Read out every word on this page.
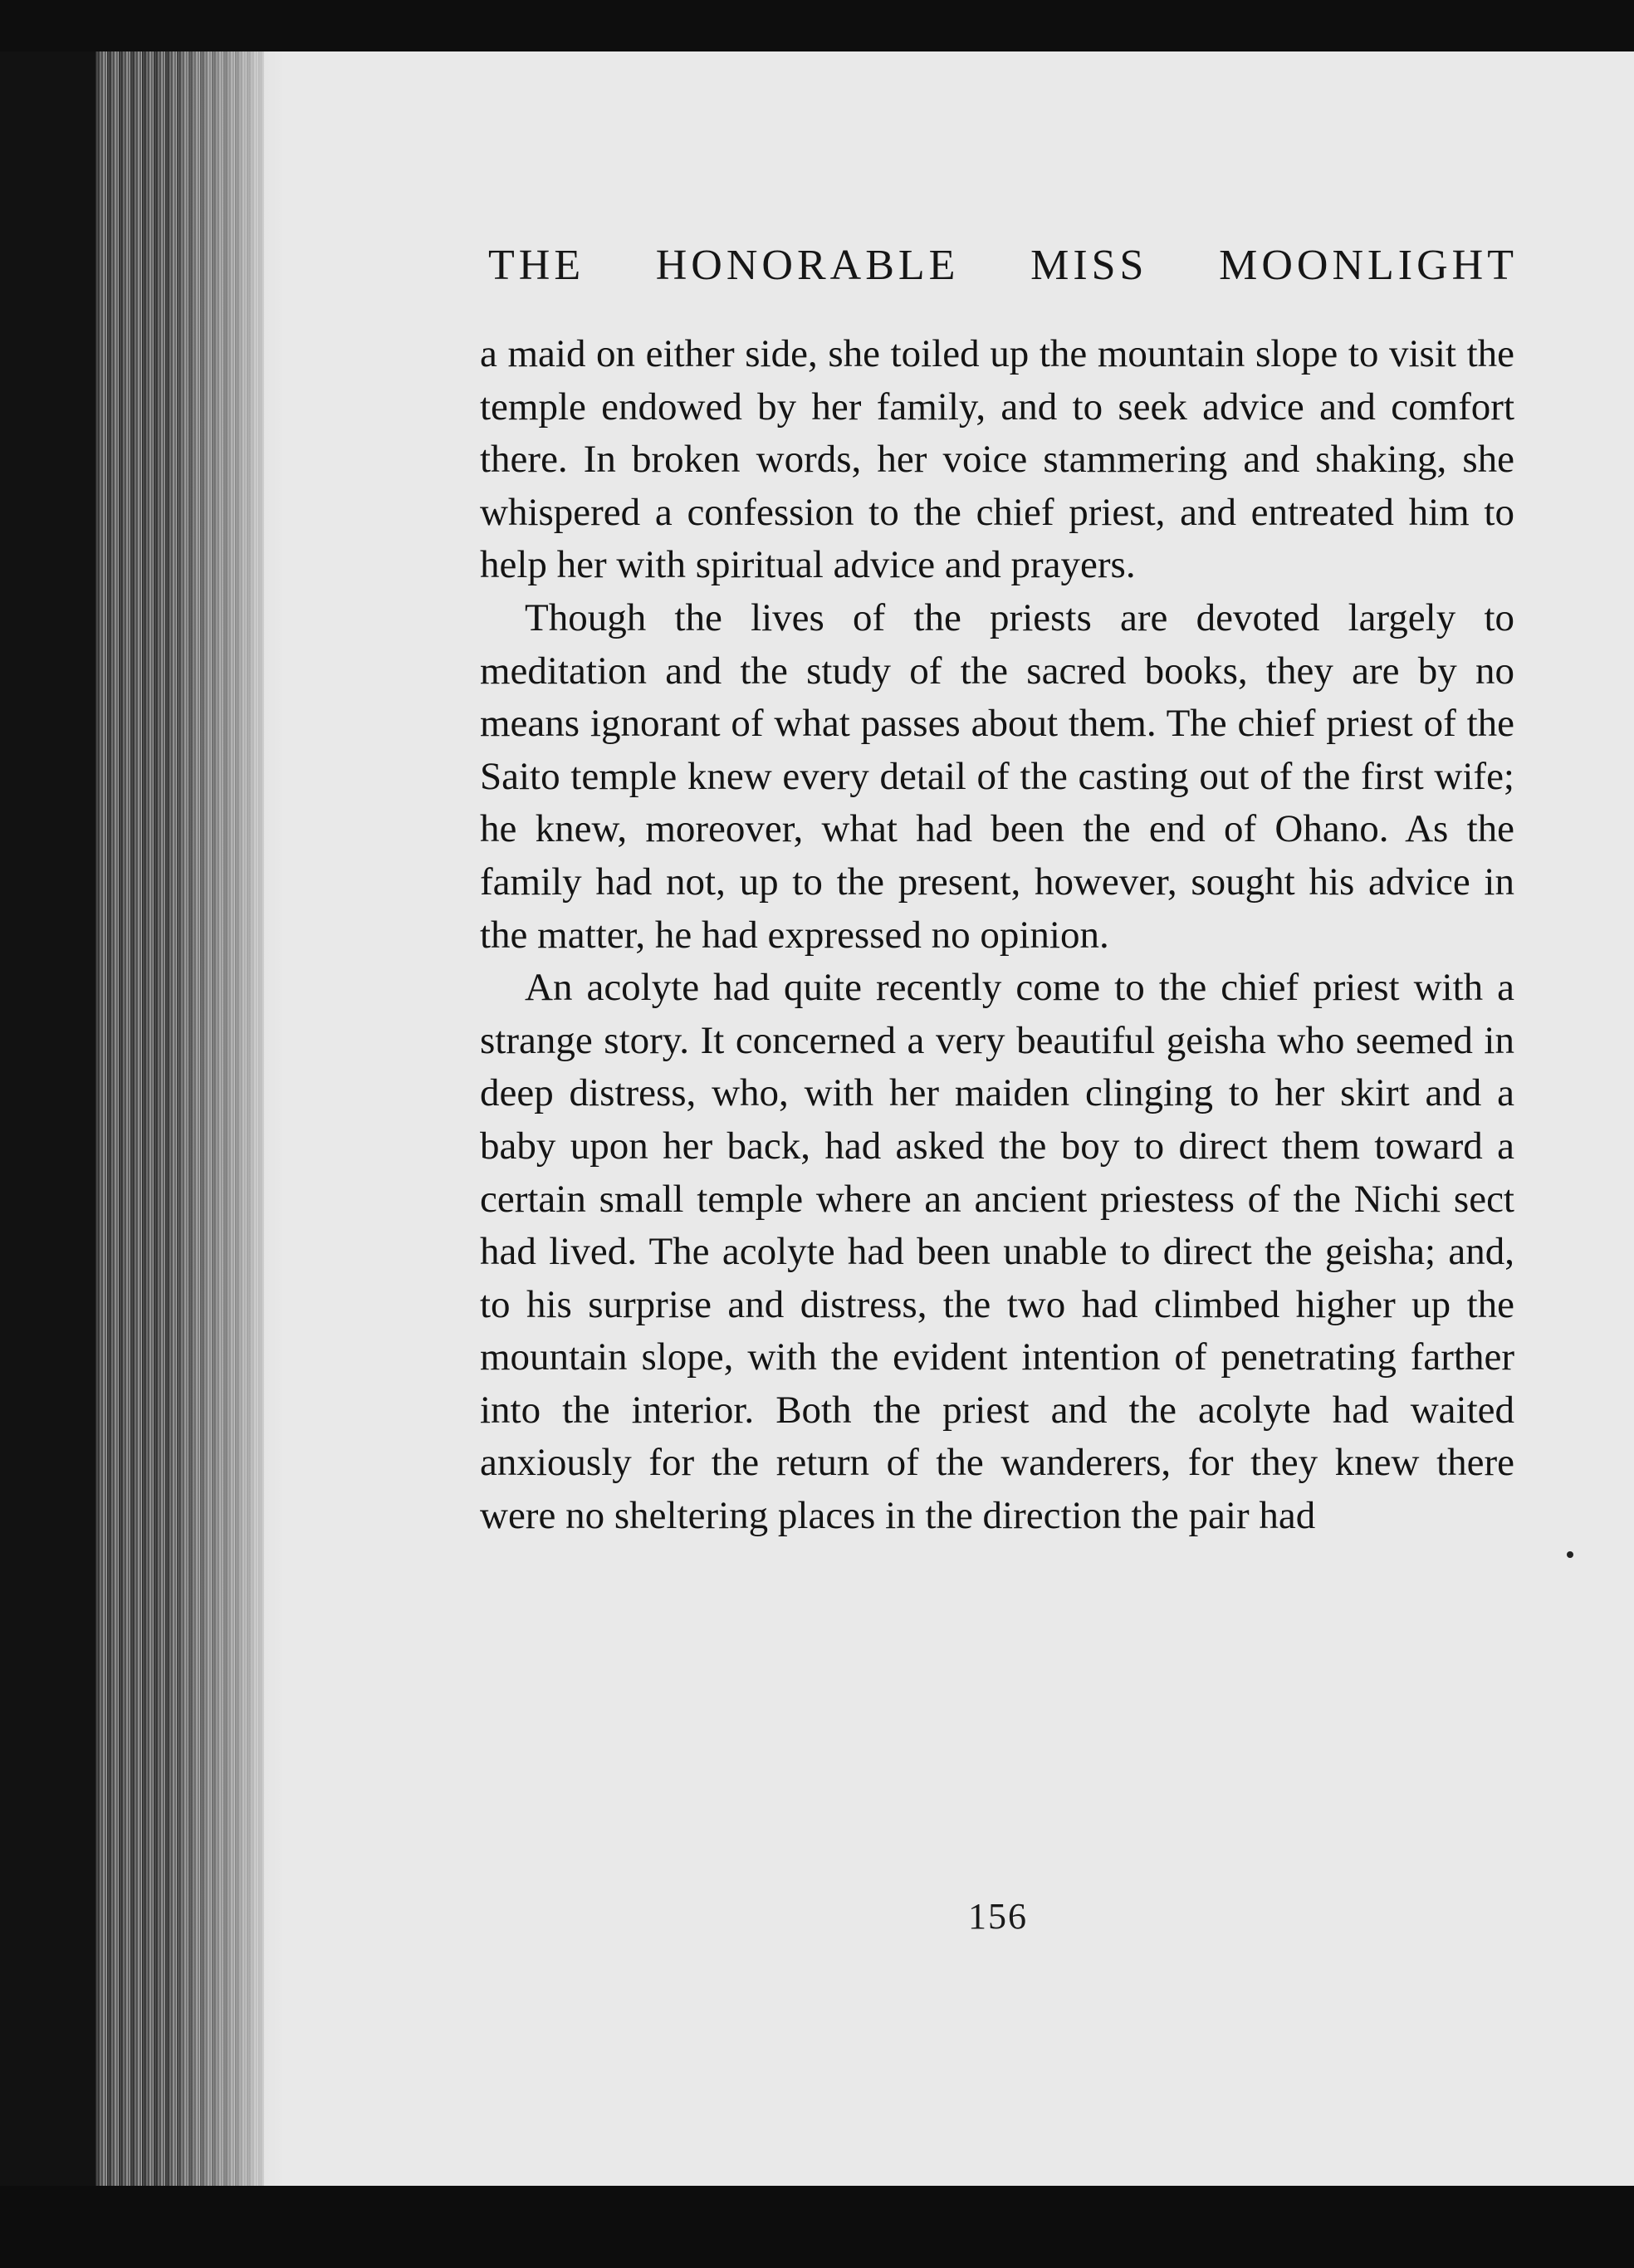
THE HONORABLE MISS MOONLIGHT

a maid on either side, she toiled up the mountain slope to visit the temple endowed by her family, and to seek advice and comfort there. In broken words, her voice stammering and shaking, she whispered a confession to the chief priest, and entreated him to help her with spiritual advice and prayers.

Though the lives of the priests are devoted largely to meditation and the study of the sacred books, they are by no means ignorant of what passes about them. The chief priest of the Saito temple knew every detail of the casting out of the first wife; he knew, moreover, what had been the end of Ohano. As the family had not, up to the present, however, sought his advice in the matter, he had expressed no opinion.

An acolyte had quite recently come to the chief priest with a strange story. It concerned a very beautiful geisha who seemed in deep distress, who, with her maiden clinging to her skirt and a baby upon her back, had asked the boy to direct them toward a certain small temple where an ancient priestess of the Nichi sect had lived. The acolyte had been unable to direct the geisha; and, to his surprise and distress, the two had climbed higher up the mountain slope, with the evident intention of penetrating farther into the interior. Both the priest and the acolyte had waited anxiously for the return of the wanderers, for they knew there were no sheltering places in the direction the pair had

156
